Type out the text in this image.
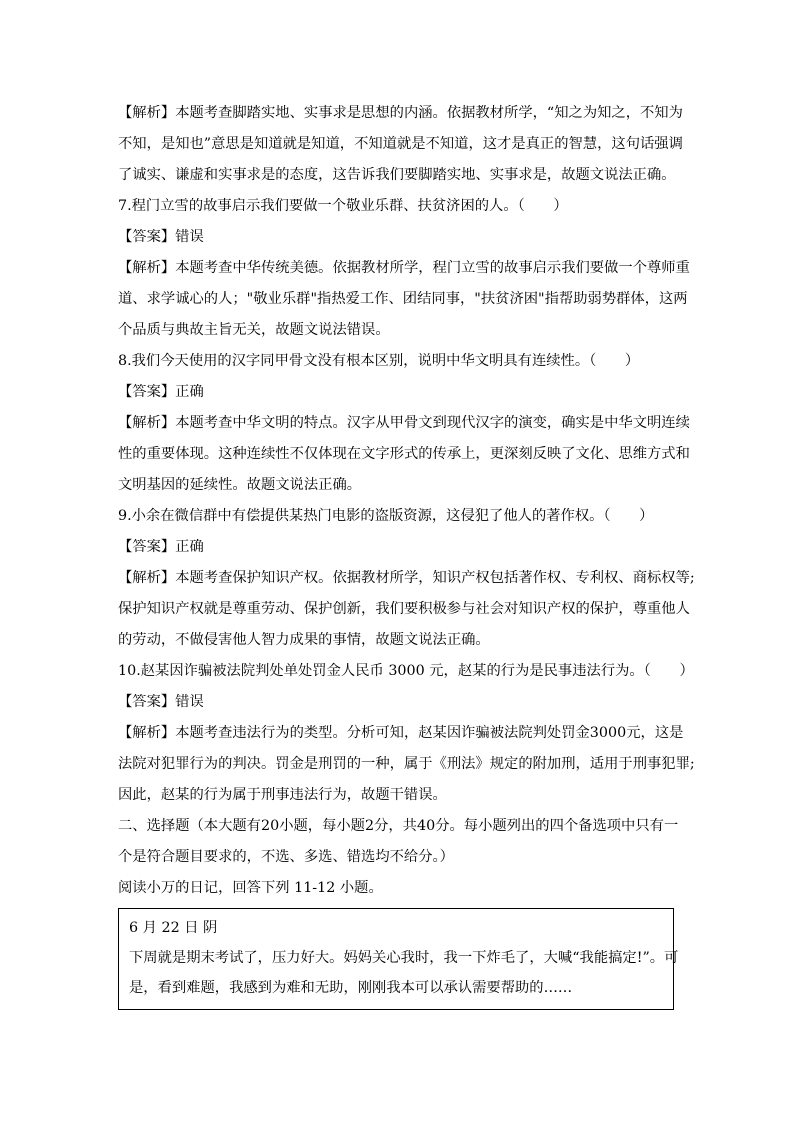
【 解 析 】 本 题 考 查 脚 踏 实 地 、 实 事 求 是 思 想 的 内 涵 。 依 据 教 材 所 学 ， “ 知 之 为 知 之 ， 不 知 为
不 知 ， 是 知 也 ” 意 思 是 知 道 就 是 知 道 ， 不 知 道 就 是 不 知 道 ， 这 才 是 真 正 的 智 慧 ， 这 句 话 强 调
了诚实、谦虚和实事求是的态度，这告诉我们要脚踏实地、实事求是，故题文说法正确。
7.程门立雪的故事启示我们要做一个敬业乐群、扶贫济困的人。（　　）
【答案】错误
【 解 析 】 本 题 考 查 中 华 传 统 美 德 。 依 据 教 材 所 学 ， 程 门 立 雪 的 故 事 启 示 我 们 要 做 一 个 尊 师 重
道 、 求 学 诚 心 的 人 ； " 敬 业 乐 群 " 指 热 爱 工 作 、 团 结 同 事 ， " 扶 贫 济 困 " 指 帮 助 弱 势 群 体 ， 这 两
个品质与典故主旨无关，故题文说法错误。
8.我们今天使用的汉字同甲骨文没有根本区别，说明中华文明具有连续性。（　　）
【答案】正确
【 解 析 】 本 题 考 查 中 华 文 明 的 特 点 。 汉 字 从 甲 骨 文 到 现 代 汉 字 的 演 变 ， 确 实 是 中 华 文 明 连 续
性 的 重 要 体 现 。 这 种 连 续 性 不 仅 体 现 在 文 字 形 式 的 传 承 上 ， 更 深 刻 反 映 了 文 化 、 思 维 方 式 和
文明基因的延续性。故题文说法正确。
9.小余在微信群中有偿提供某热门电影的盗版资源，这侵犯了他人的著作权。（　　）
【答案】正确
【 解 析 】 本 题 考 查 保 护 知 识 产 权 。 依 据 教 材 所 学 ， 知 识 产 权 包 括 著 作 权 、 专 利 权 、 商 标 权 等 ;
保 护 知 识 产 权 就 是 尊 重 劳 动 、 保 护 创 新 ， 我 们 要 积 极 参 与 社 会 对 知 识 产 权 的 保 护 ， 尊 重 他 人
的劳动，不做侵害他人智力成果的事情，故题文说法正确。
10.赵某因诈骗被法院判处单处罚金人民币 3000 元，赵某的行为是民事违法行为。（　　）
【答案】错误
【 解 析 】 本 题 考 查 违 法 行 为 的 类 型 。 分 析 可 知 ， 赵 某 因 诈 骗 被 法 院 判 处 罚 金 3 0 0 0 元 ， 这 是
法 院 对 犯 罪 行 为 的 判 决 。 罚 金 是 刑 罚 的 一 种 ， 属 于 《 刑 法 》 规 定 的 附 加 刑 ， 适 用 于 刑 事 犯 罪 ;
因此，赵某的行为属于刑事违法行为，故题干错误。
二 、 选 择 题 （ 本 大 题 有 2 0 小 题 ， 每 小 题 2 分 ， 共 4 0 分 。 每 小 题 列 出 的 四 个 备 选 项 中 只 有 一
个是符合题目要求的，不选、多选、错选均不给分。）
阅读小万的日记，回答下列 11-12 小题。
6 月 22 日 阴
下 周 就 是 期 末 考 试 了 ， 压 力 好 大 。 妈 妈 关 心 我 时 ， 我 一 下 炸 毛 了 ， 大 喊 “ 我 能 搞 定 ! ” 。 可
是，看到难题，我感到为难和无助，刚刚我本可以承认需要帮助的……
